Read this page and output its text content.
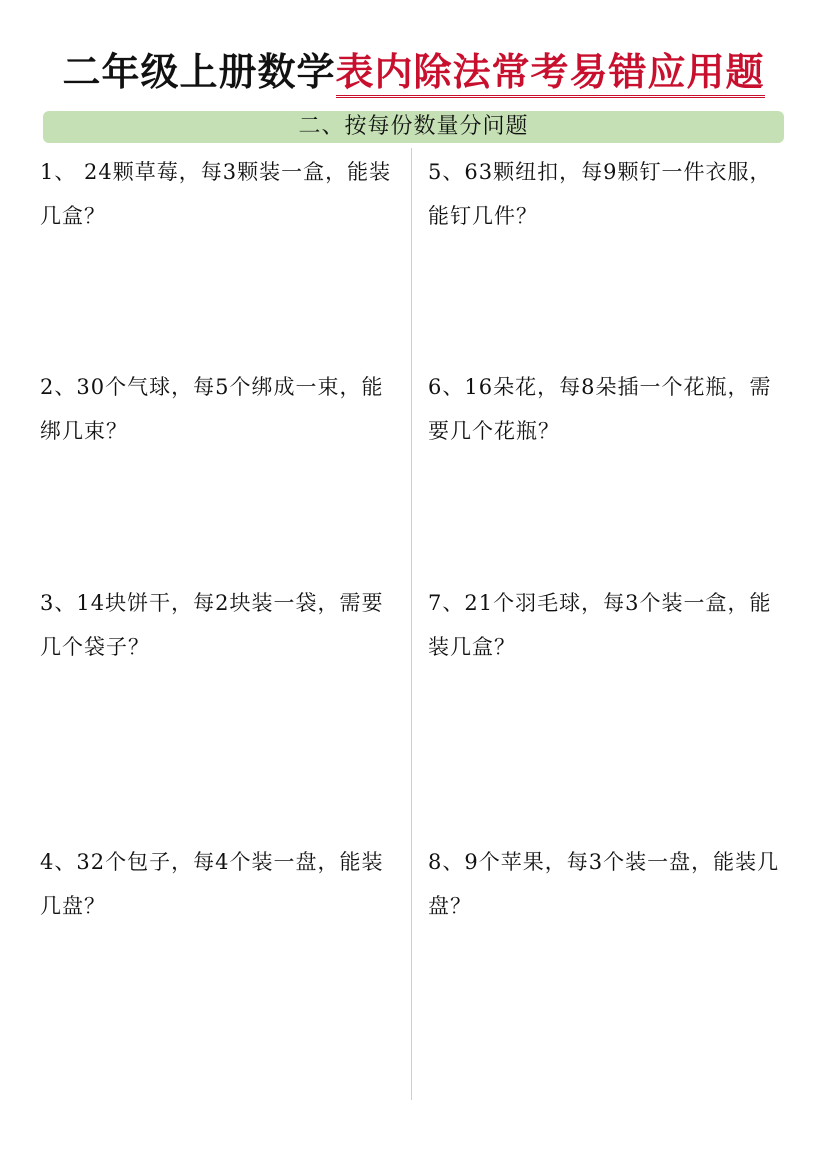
二年级上册数学表内除法常考易错应用题
二、按每份数量分问题
1、 24颗草莓，每3颗装一盒，能装几盒？
2、30个气球，每5个绑成一束，能绑几束？
3、14块饼干，每2块装一袋，需要几个袋子？
4、32个包子，每4个装一盘，能装几盘？
5、63颗纽扣，每9颗钉一件衣服，能钉几件？
6、16朵花，每8朵插一个花瓶，需要几个花瓶？
7、21个羽毛球，每3个装一盒，能装几盒？
8、9个苹果，每3个装一盘，能装几盘？
